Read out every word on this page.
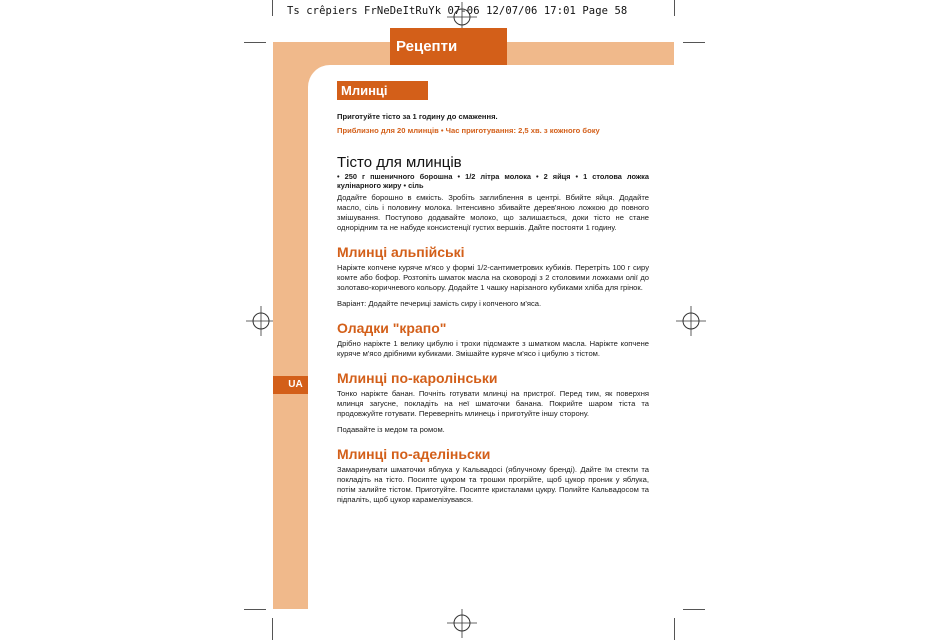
Ts crêpiers FrNeDeItRuYk 07-06 12/07/06 17:01 Page 58
Рецепти
UA
Млинці
Приготуйте тісто за 1 годину до смаження.
Приблизно для 20 млинців • Час приготування: 2,5 хв. з кожного боку
Тісто для млинців
• 250 г пшеничного борошна • 1/2 літра молока • 2 яйця • 1 столова ложка кулінарного жиру • сіль

Додайте борошно в ємкість. Зробіть заглиблення в центрі. Вбийте яйця. Додайте масло, сіль і половину молока. Інтенсивно збивайте дерев'яною ложкою до повного змішування. Поступово додавайте молоко, що залишається, доки тісто не стане однорідним та не набуде консистенції густих вершків. Дайте постояти 1 годину.

Млинці альпійські

Наріжте копчене куряче м'ясо у формі 1/2-сантиметрових кубиків. Перетріть 100 г сиру комте або бофор. Розтопіть шматок масла на сковороді з 2 столовими ложками олії до золотаво-коричневого кольору. Додайте 1 чашку нарізаного кубиками хліба для грінок.

Варіант: Додайте печериці замість сиру і копченого м'яса.

Оладки "крапо"

Дрібно наріжте 1 велику цибулю і трохи підсмажте з шматком масла. Наріжте копчене куряче м'ясо дрібними кубиками. Змішайте куряче м'ясо і цибулю з тістом.

Млинці по-каролінськи

Тонко наріжте банан. Почніть готувати млинці на пристрої. Перед тим, як поверхня млинця загусне, покладіть на неї шматочки банана. Покрийте шаром тіста та продовжуйте готувати. Переверніть млинець і приготуйте іншу сторону.

Подавайте із медом та ромом.

Млинці по-аделіньски

Замаринувати шматочки яблука у Кальвадосі (яблучному бренді). Дайте їм стекти та покладіть на тісто. Посипте цукром та трошки прогрійте, щоб цукор проник у яблука, потім залийте тістом. Приготуйте. Посипте кристалами цукру. Полийте Кальвадосом та підпаліть, щоб цукор карамелізувався.
